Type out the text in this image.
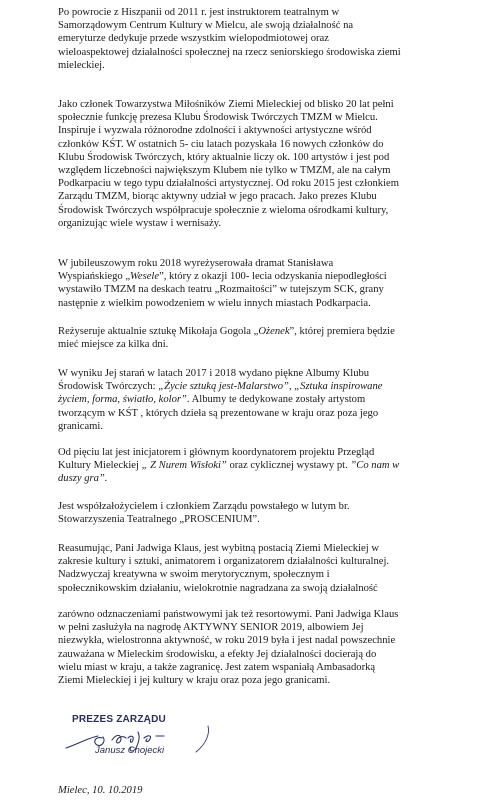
Po powrocie z Hiszpanii od 2011 r. jest instruktorem teatralnym w
Samorządowym Centrum Kultury w Mielcu, ale swoją działalność na
emeryturze dedykuje przede wszystkim wielopodmiotowej oraz
wieloaspektowej działalności społecznej na rzecz seniorskiego środowiska ziemi
mieleckiej.
Jako członek Towarzystwa Miłośników Ziemi Mieleckiej od blisko 20 lat pełni
społecznie funkcję prezesa Klubu Środowisk Twórczych TMZM w Mielcu.
Inspiruje i wyzwala różnorodne zdolności i aktywności artystyczne wśród
członków KŚT. W ostatnich 5- ciu latach pozyskała 16 nowych członków do
Klubu Środowisk Twórczych, który aktualnie liczy ok. 100 artystów i jest pod
względem liczebności największym Klubem nie tylko w TMZM, ale na całym
Podkarpaciu w tego typu działalności artystycznej. Od roku 2015 jest członkiem
Zarządu TMZM, biorąc aktywny udział w jego pracach. Jako prezes Klubu
Środowisk Twórczych współpracuje społecznie z wieloma ośrodkami kultury,
organizując wiele wystaw i wernisaży.
W jubileuszowym roku 2018 wyreżyserowała dramat Stanisława
Wyspiańskiego „Wesele”, który z okazji 100- lecia odzyskania niepodległości
wystawiło TMZM na deskach teatru „Rozmaitości” w tutejszym SCK, grany
następnie z wielkim powodzeniem w wielu innych miastach Podkarpacia.
Reżyseruje aktualnie sztukę Mikołaja Gogola „Ożenek”, której premiera będzie
mieć miejsce za kilka dni.
W wyniku Jej starań w latach 2017 i 2018 wydano piękne Albumy Klubu
Środowisk Twórczych: „Życie sztuką jest-Malarstwo”, „Sztuka inspirowane
życiem, forma, światło, kolor”. Albumy te dedykowane zostały artystom
tworzącym w KŚT , których dzieła są prezentowane w kraju oraz poza jego
granicami.
Od pięciu lat jest inicjatorem i głównym koordynatorem projektu Przegląd
Kultury Mieleckiej „ Z Nurem Wisłoki” oraz cyklicznej wystawy pt. ”Co nam w
duszy gra”.
Jest współzałożycielem i członkiem Zarządu powstałego w lutym br.
Stowarzyszenia Teatralnego „PROSCENIUM”.
Reasumując, Pani Jadwiga Klaus, jest wybitną postacią Ziemi Mieleckiej w
zakresie kultury i sztuki, animatorem i organizatorem działalności kulturalnej.
Nadzwyczaj kreatywna w swoim merytorycznym, społecznym i
społecznikowskim działaniu, wielokrotnie nagradzana za swoją działalność
zarówno odznaczeniami państwowymi jak też resortowymi. Pani Jadwiga Klaus
w pełni zasłużyła na nagrodę AKTYWNY SENIOR 2019, albowiem Jej
niezwykła, wielostronna aktywność, w roku 2019 była i jest nadal powszechnie
zauważana w Mieleckim środowisku, a efekty Jej działalności docierają do
wielu miast w kraju, a także zagranicę. Jest zatem wspaniałą Ambasadorką
Ziemi Mieleckiej i jej kultury w kraju oraz poza jego granicami.
PREZES ZARZĄDU
Janusz Chojecki
Mielec, 10. 10.2019
